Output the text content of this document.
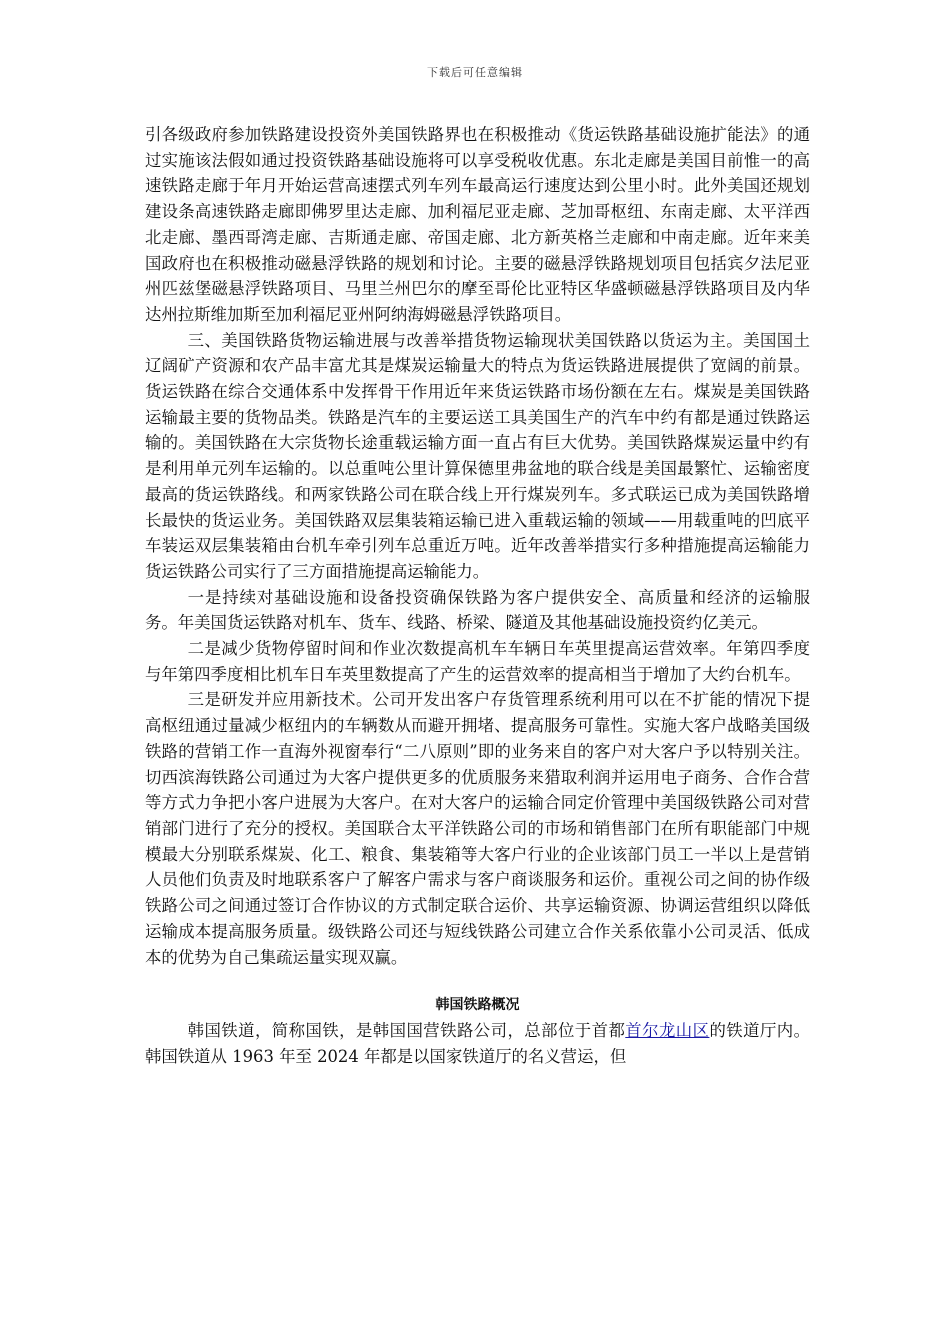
下载后可任意编辑

引各级政府参加铁路建设投资外美国铁路界也在积极推动《货运铁路基础设施扩能法》的通过实施该法假如通过投资铁路基础设施将可以享受税收优惠。东北走廊是美国目前惟一的高速铁路走廊于年月开始运营高速摆式列车列车最高运行速度达到公里小时。此外美国还规划建设条高速铁路走廊即佛罗里达走廊、加利福尼亚走廊、芝加哥枢纽、东南走廊、太平洋西北走廊、墨西哥湾走廊、吉斯通走廊、帝国走廊、北方新英格兰走廊和中南走廊。近年来美国政府也在积极推动磁悬浮铁路的规划和讨论。主要的磁悬浮铁路规划项目包括宾夕法尼亚州匹兹堡磁悬浮铁路项目、马里兰州巴尔的摩至哥伦比亚特区华盛顿磁悬浮铁路项目及内华达州拉斯维加斯至加利福尼亚州阿纳海姆磁悬浮铁路项目。

三、美国铁路货物运输进展与改善举措货物运输现状美国铁路以货运为主。美国国土辽阔矿产资源和农产品丰富尤其是煤炭运输量大的特点为货运铁路进展提供了宽阔的前景。货运铁路在综合交通体系中发挥骨干作用近年来货运铁路市场份额在左右。煤炭是美国铁路运输最主要的货物品类。铁路是汽车的主要运送工具美国生产的汽车中约有都是通过铁路运输的。美国铁路在大宗货物长途重载运输方面一直占有巨大优势。美国铁路煤炭运量中约有是利用单元列车运输的。以总重吨公里计算保德里弗盆地的联合线是美国最繁忙、运输密度最高的货运铁路线。和两家铁路公司在联合线上开行煤炭列车。多式联运已成为美国铁路增长最快的货运业务。美国铁路双层集装箱运输已进入重载运输的领域——用载重吨的凹底平车装运双层集装箱由台机车牵引列车总重近万吨。近年改善举措实行多种措施提高运输能力货运铁路公司实行了三方面措施提高运输能力。

一是持续对基础设施和设备投资确保铁路为客户提供安全、高质量和经济的运输服务。年美国货运铁路对机车、货车、线路、桥梁、隧道及其他基础设施投资约亿美元。

二是减少货物停留时间和作业次数提高机车车辆日车英里提高运营效率。年第四季度与年第四季度相比机车日车英里数提高了产生的运营效率的提高相当于增加了大约台机车。

三是研发并应用新技术。公司开发出客户存货管理系统利用可以在不扩能的情况下提高枢纽通过量减少枢纽内的车辆数从而避开拥堵、提高服务可靠性。实施大客户战略美国级铁路的营销工作一直海外视窗奉行“二八原则”即的业务来自的客户对大客户予以特别关注。切西滨海铁路公司通过为大客户提供更多的优质服务来猎取利润并运用电子商务、合作合营等方式力争把小客户进展为大客户。在对大客户的运输合同定价管理中美国级铁路公司对营销部门进行了充分的授权。美国联合太平洋铁路公司的市场和销售部门在所有职能部门中规模最大分别联系煤炭、化工、粮食、集装箱等大客户行业的企业该部门员工一半以上是营销人员他们负责及时地联系客户了解客户需求与客户商谈服务和运价。重视公司之间的协作级铁路公司之间通过签订合作协议的方式制定联合运价、共享运输资源、协调运营组织以降低运输成本提高服务质量。级铁路公司还与短线铁路公司建立合作关系依靠小公司灵活、低成本的优势为自己集疏运量实现双赢。

韩国铁路概况

韩国铁道，简称国铁，是韩国国营铁路公司，总部位于首都首尔龙山区的铁道厅内。韩国铁道从 1963 年至 2024 年都是以国家铁道厅的名义营运，但
